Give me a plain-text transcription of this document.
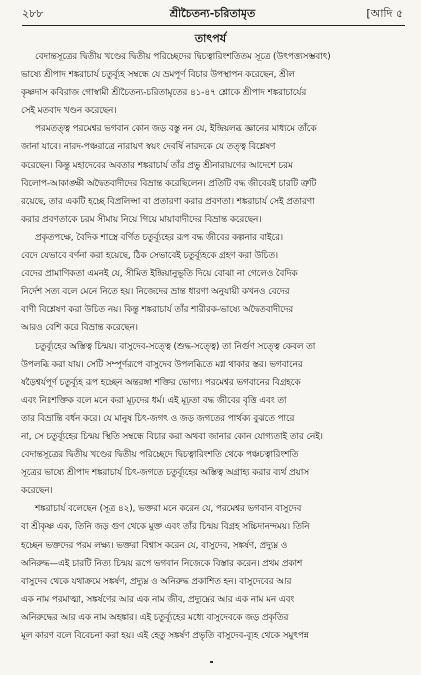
২৮৮	শ্রীচৈতন্য-চরিতামৃত	[আদি ৫
তাৎপর্য
বেদান্তসূত্রের দ্বিতীয় খণ্ডের দ্বিতীয় পরিচ্ছেদের দ্বিচত্বারিংশতিতম সূত্রে (উৎপত্ত্যসম্ভবাৎ)
ভাষ্যে শ্রীপাদ শঙ্করাচার্য চতুর্ব্যূহ সম্বন্ধে যে ভ্রমপূর্ণ বিচার উপস্থাপন করেছেন, শ্রীল
কৃষ্ণদাস কবিরাজ গোস্বামী শ্রীচৈতন্য-চরিতামৃতের ৪১-৪৭ শ্লোকে শ্রীপাদ শঙ্করাচার্যের
সেই মতবাদ খণ্ডন করেছেন।
পরমতত্ত্ব পরমেশ্বর ভগবান কোন জড় বস্তু নন যে, ইন্দ্রিয়লব্ধ জ্ঞানের মাধ্যমে তাঁকে
জানা যাবে। নারদ-পঞ্চরাত্রে নারায়ণ স্বয়ং দেবর্ষি নারদকে যে তত্ত্ব বিশ্লেষণ
করেছেন। কিন্তু মহাদেবের অবতার শঙ্করাচার্য তাঁর প্রভু শ্রীনারায়ণের আদেশে চরম
বিলোপ-আকাঙ্ক্ষী অদ্বৈতবাদীদের বিভ্রান্ত করেছিলেন। প্রতিটি বদ্ধ জীবেরই চারটি ত্রুটি
রয়েছে, তার একটি হচ্ছে বিপ্রলিপ্সা বা প্রতারণা করার প্রবণতা। শঙ্করাচার্য সেই প্রতারণা
করার প্রবণতাকে চরম সীমায় নিয়ে গিয়ে মায়াবাদীদের বিভ্রান্ত করেছেন।
প্রকৃতপক্ষে, বৈদিক শাস্ত্রে বর্ণিত চতুর্ব্যূহের রূপ বদ্ধ জীবের কল্পনার বাইরে।
বেদে যেভাবে বর্ণনা করা হয়েছে, ঠিক সেভাবেই চতুর্ব্যূহকে গ্রহণ করা উচিত।
বেদের প্রামাণিকতা এমনই যে, সীমিত ইন্দ্রিয়ানুভূতি দিয়ে বোঝা না গেলেও বৈদিক
নির্দেশ সত্য বলে মেনে নিতে হয়। নিজেদের ভ্রান্ত ধারণা অনুযায়ী কখনও বেদের
বাণী বিশ্লেষণ করা উচিত নয়। কিন্তু শঙ্করাচার্য তাঁর শারীরক-ভাষ্যে অদ্বৈতবাদীদের
আরও বেশি করে বিভ্রান্ত করেছেন।
চতুর্ব্যূহের অস্তিত্ব চিন্ময়। বাসুদেব-সত্ত্বে (শুদ্ধ-সত্ত্বে) তা নির্গুণ সত্ত্বে কেবল তা
উপলব্ধি করা যায়। সেটি সম্পূর্ণরূপে বাসুদেব উপলব্ধিতে মগ্ন থাকার স্তর। ভগবানের
ষড়ৈশ্বর্যপূর্ণ চতুর্ব্যূহ রূপ হচ্ছেন অন্তরঙ্গা শক্তির ভোগ্য। পরমেশ্বর ভগবানের বিগ্রহকে
এবং নিঃশক্তিক বলে মনে করা মূঢ়দের ধর্ম। এই মূঢ়তা বদ্ধ জীবের বৃত্তি এবং তা
তার বিভ্রান্তি বর্ধন করে। যে মানুষ চিৎ-জগৎ ও জড় জগতের পার্থক্য বুঝতে পারে
না, সে চতুর্ব্যূহের চিন্ময় স্থিতি সম্বন্ধে বিচার করা অথবা জানার কোন যোগ্যতাই তার নেই।
বেদান্তসূত্রের দ্বিতীয় খণ্ডের দ্বিতীয় পরিচ্ছেদে দ্বিচত্বারিংশতি থেকে পঞ্চচত্বারিংশতি
সূত্রের ভাষ্যে শ্রীপাদ শঙ্করাচার্য চিৎ-জগতে চতুর্ব্যূহের অস্তিত্ব অগ্রাহ্য করার ব্যর্থ প্রয়াস
করেছেন।
শঙ্করাচার্য বলেছেন (সূত্র ৪২), ভক্তরা মনে করেন যে, পরমেশ্বর ভগবান বাসুদেব
বা শ্রীকৃষ্ণ এক, তিনি জড় গুণ থেকে মুক্ত এবং তাঁর চিন্ময় বিগ্রহ সচ্চিদানন্দময়। তিনি
হচ্ছেন ভক্তদের পরম লক্ষ্য। ভক্তরা বিশ্বাস করেন যে, বাসুদেব, সঙ্কর্ষণ, প্রদ্যুম্ন ও
অনিরুদ্ধ—এই চারটি নিত্য চিন্ময় রূপে ভগবান নিজেকে বিস্তার করেন। প্রথম প্রকাশ
বাসুদেব থেকে যথাক্রমে সঙ্কর্ষণ, প্রদ্যুম্ন ও অনিরুদ্ধ প্রকাশিত হন। বাসুদেবের আর
এক নাম পরমাত্মা, সঙ্কর্ষণের আর এক নাম জীব, প্রদ্যুম্নের আর এক নাম মন এবং
অনিরুদ্ধের আর এক নাম অহঙ্কার। এই চতুর্ব্যূহের মধ্যে বাসুদেবকে জড় প্রকৃতির
মূল কারণ বলে বিবেচনা করা হয়। এই হেতু সঙ্কর্ষণ প্রভৃতি বাসুদেব-ব্যূহ থেকে সমুৎপন্ন
